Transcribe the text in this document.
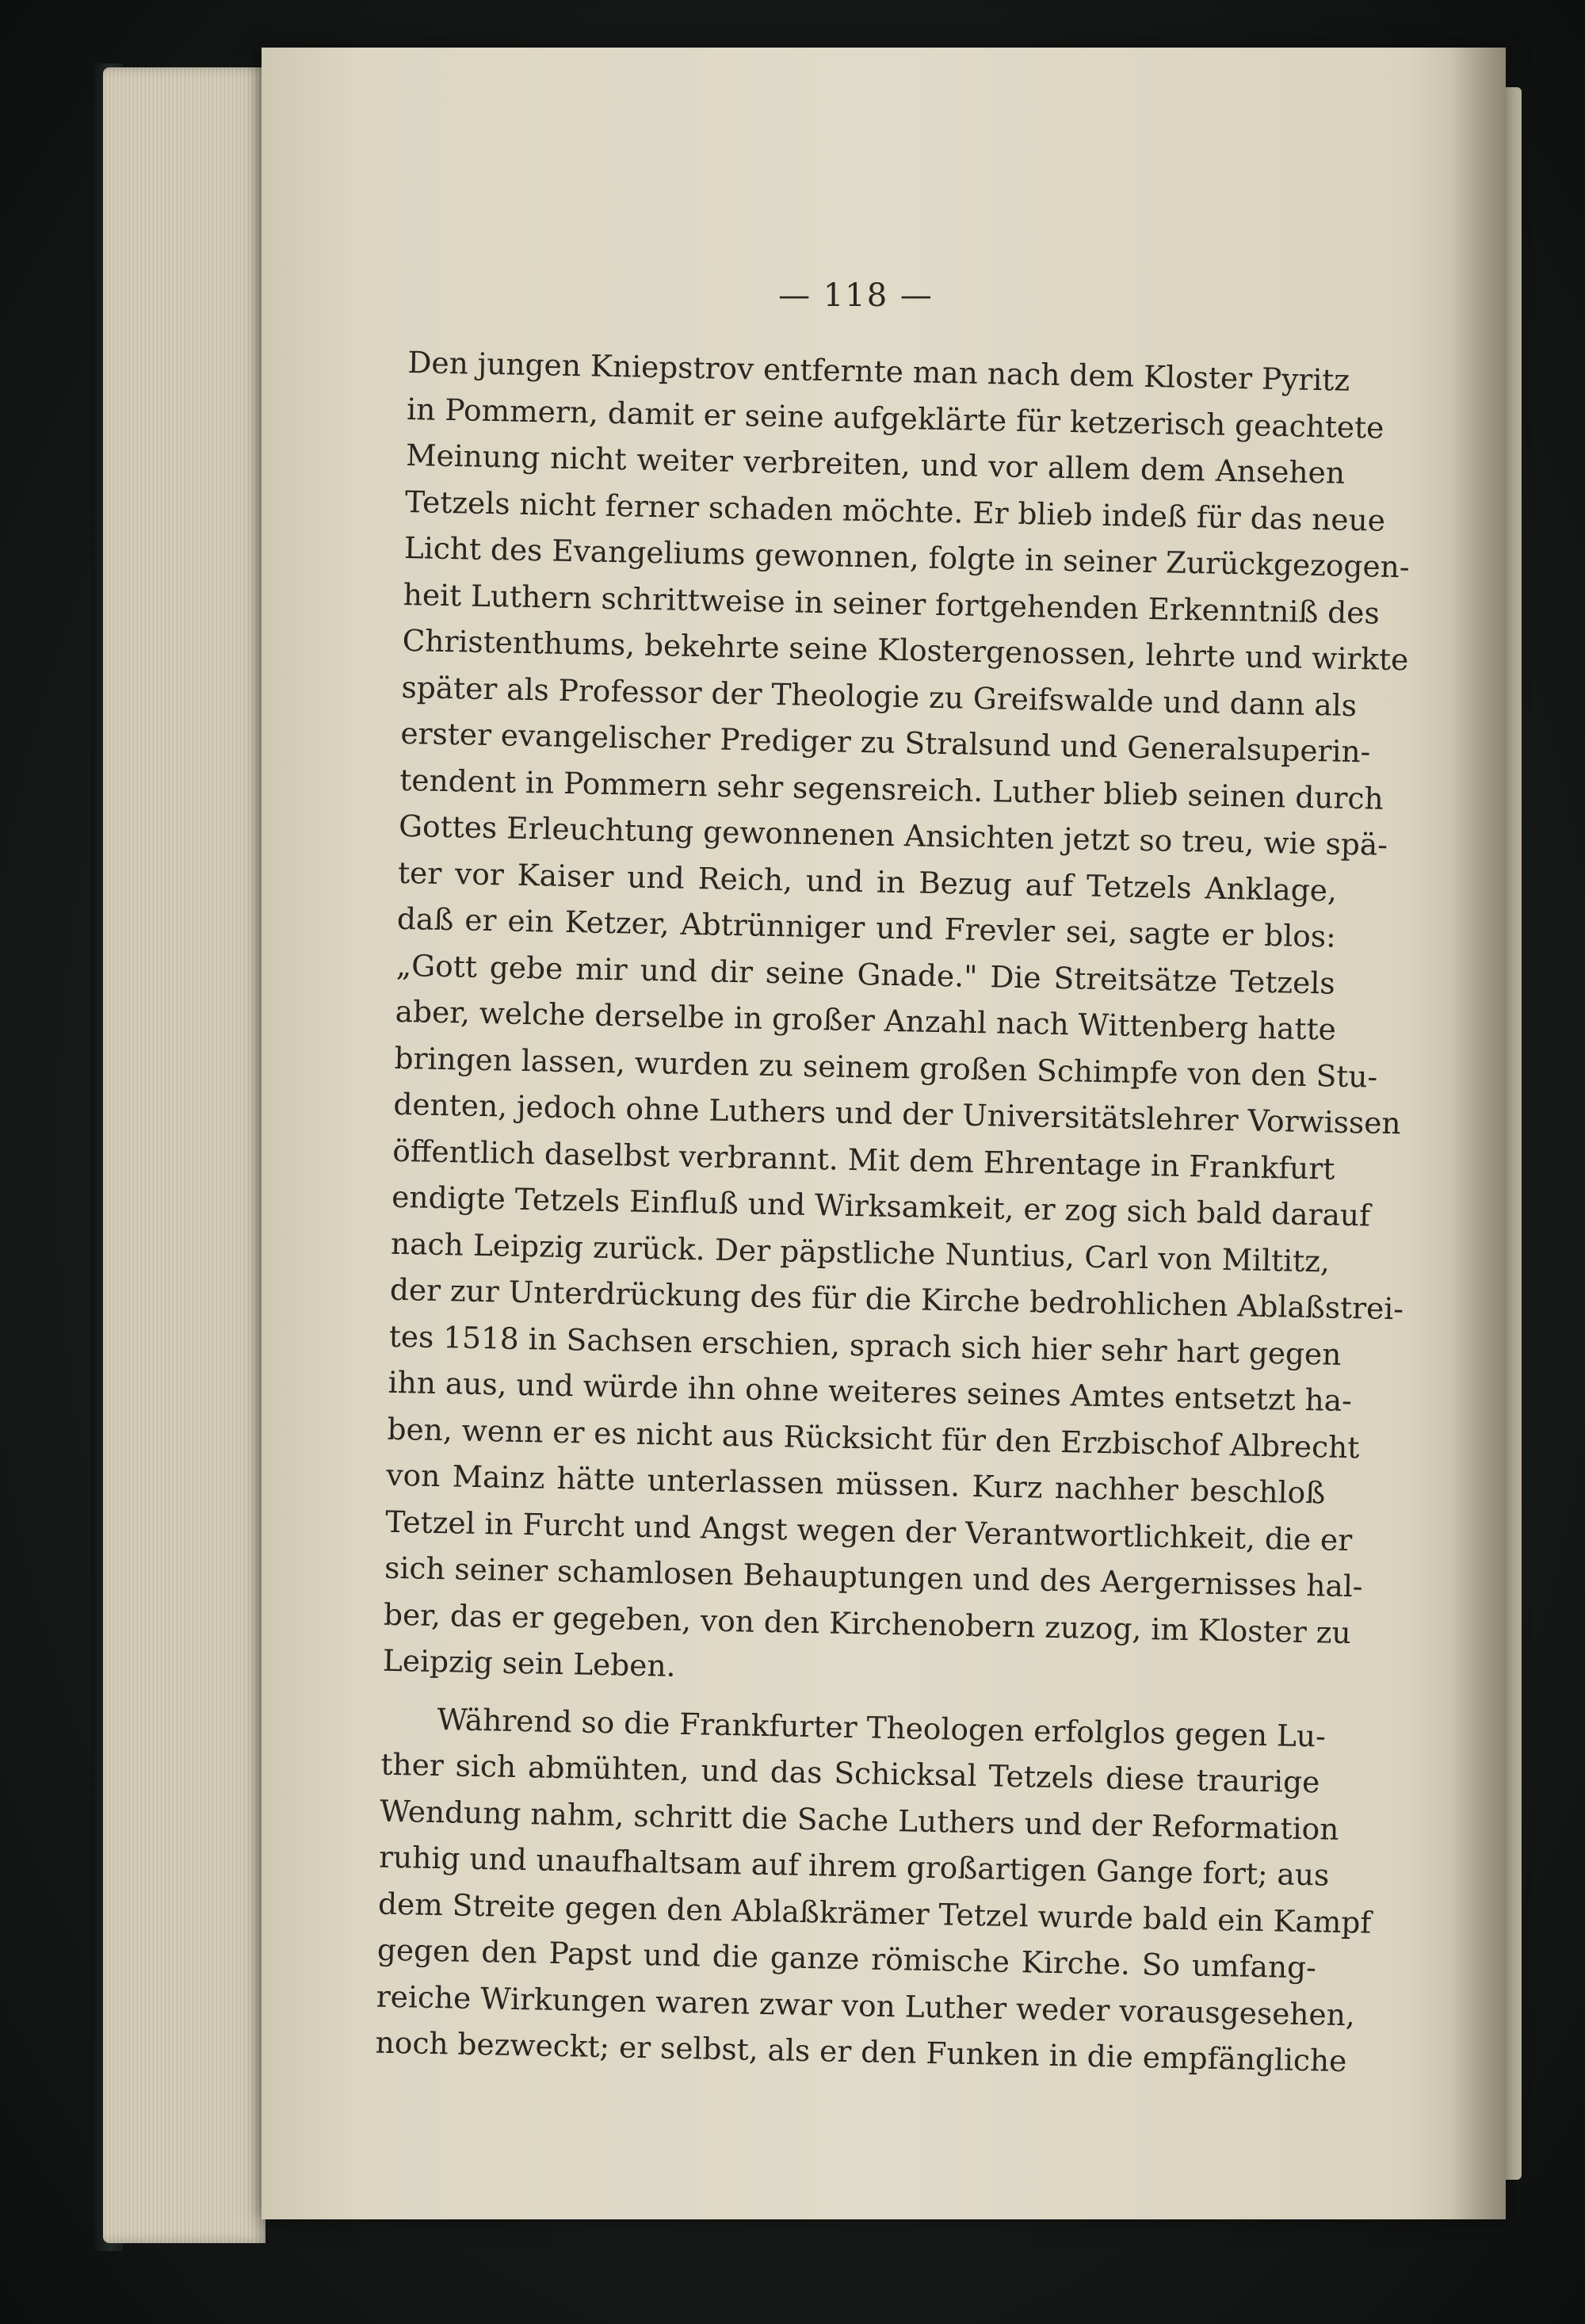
— 118 —
Den jungen Kniepstrov entfernte man nach dem Kloster Pyritz
in Pommern, damit er seine aufgeklärte für ketzerisch geachtete
Meinung nicht weiter verbreiten, und vor allem dem Ansehen
Tetzels nicht ferner schaden möchte. Er blieb indeß für das neue
Licht des Evangeliums gewonnen, folgte in seiner Zurückgezogen-
heit Luthern schrittweise in seiner fortgehenden Erkenntniß des
Christenthums, bekehrte seine Klostergenossen, lehrte und wirkte
später als Professor der Theologie zu Greifswalde und dann als
erster evangelischer Prediger zu Stralsund und Generalsuperin-
tendent in Pommern sehr segensreich. Luther blieb seinen durch
Gottes Erleuchtung gewonnenen Ansichten jetzt so treu, wie spä-
ter vor Kaiser und Reich, und in Bezug auf Tetzels Anklage,
daß er ein Ketzer, Abtrünniger und Frevler sei, sagte er blos:
„Gott gebe mir und dir seine Gnade." Die Streitsätze Tetzels
aber, welche derselbe in großer Anzahl nach Wittenberg hatte
bringen lassen, wurden zu seinem großen Schimpfe von den Stu-
denten, jedoch ohne Luthers und der Universitätslehrer Vorwissen
öffentlich daselbst verbrannt. Mit dem Ehrentage in Frankfurt
endigte Tetzels Einfluß und Wirksamkeit, er zog sich bald darauf
nach Leipzig zurück. Der päpstliche Nuntius, Carl von Miltitz,
der zur Unterdrückung des für die Kirche bedrohlichen Ablaßstrei-
tes 1518 in Sachsen erschien, sprach sich hier sehr hart gegen
ihn aus, und würde ihn ohne weiteres seines Amtes entsetzt ha-
ben, wenn er es nicht aus Rücksicht für den Erzbischof Albrecht
von Mainz hätte unterlassen müssen. Kurz nachher beschloß
Tetzel in Furcht und Angst wegen der Verantwortlichkeit, die er
sich seiner schamlosen Behauptungen und des Aergernisses hal-
ber, das er gegeben, von den Kirchenobern zuzog, im Kloster zu
Leipzig sein Leben.
Während so die Frankfurter Theologen erfolglos gegen Lu-
ther sich abmühten, und das Schicksal Tetzels diese traurige
Wendung nahm, schritt die Sache Luthers und der Reformation
ruhig und unaufhaltsam auf ihrem großartigen Gange fort; aus
dem Streite gegen den Ablaßkrämer Tetzel wurde bald ein Kampf
gegen den Papst und die ganze römische Kirche. So umfang-
reiche Wirkungen waren zwar von Luther weder vorausgesehen,
noch bezweckt; er selbst, als er den Funken in die empfängliche
